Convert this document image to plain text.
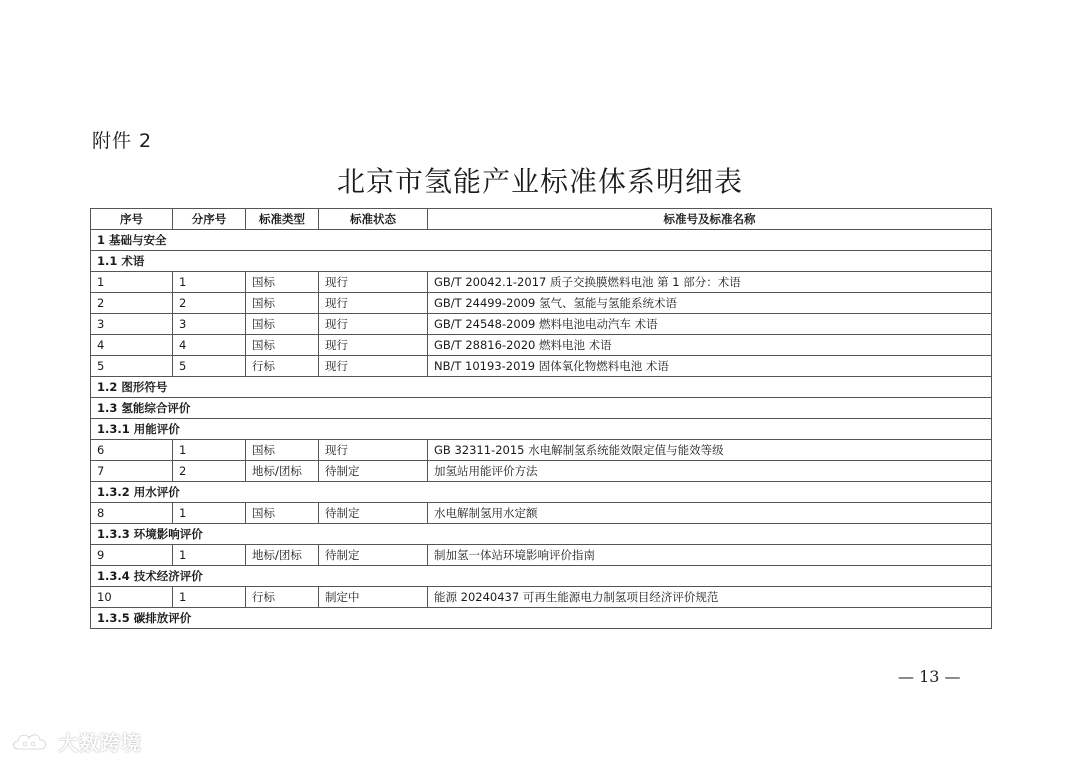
附件 2
北京市氢能产业标准体系明细表
序号	分序号	标准类型	标准状态	标准号及标准名称
1 基础与安全				
1.1 术语				
1	1	国标	现行	GB/T 20042.1-2017 质子交换膜燃料电池 第 1 部分：术语
2	2	国标	现行	GB/T 24499-2009 氢气、氢能与氢能系统术语
3	3	国标	现行	GB/T 24548-2009 燃料电池电动汽车 术语
4	4	国标	现行	GB/T 28816-2020 燃料电池 术语
5	5	行标	现行	NB/T 10193-2019 固体氧化物燃料电池 术语
1.2 图形符号				
1.3 氢能综合评价				
1.3.1 用能评价				
6	1	国标	现行	GB 32311-2015 水电解制氢系统能效限定值与能效等级
7	2	地标/团标	待制定	加氢站用能评价方法
1.3.2 用水评价				
8	1	国标	待制定	水电解制氢用水定额
1.3.3 环境影响评价				
9	1	地标/团标	待制定	制加氢一体站环境影响评价指南
1.3.4 技术经济评价				
10	1	行标	制定中	能源 20240437 可再生能源电力制氢项目经济评价规范
1.3.5 碳排放评价				
— 13 —
大数跨境
